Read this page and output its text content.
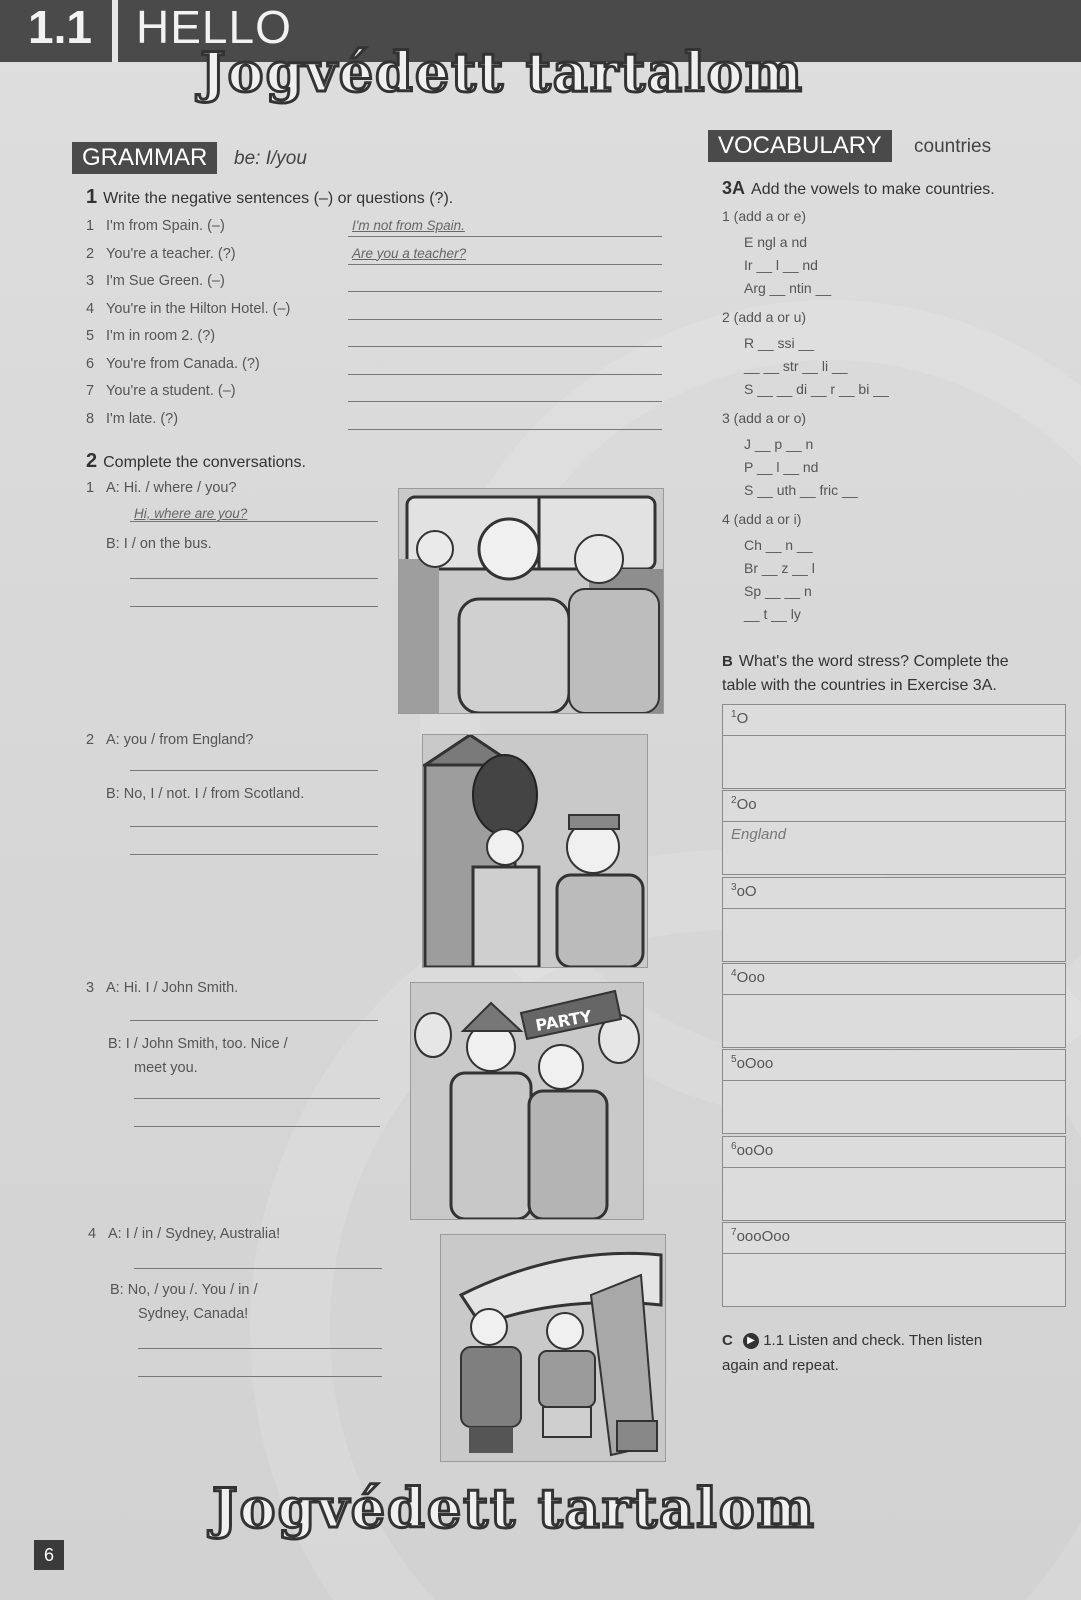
1.1 HELLO
Jogvédett tartalom
GRAMMAR	be: I/you
1 Write the negative sentences (–) or questions (?).
1 I'm from Spain. (–)	I'm not from Spain.
2 You're a teacher. (?)	Are you a teacher?
3 I'm Sue Green. (–)
4 You're in the Hilton Hotel. (–)
5 I'm in room 2. (?)
6 You're from Canada. (?)
7 You're a student. (–)
8 I'm late. (?)
2 Complete the conversations.
1 A: Hi. / where / you?
Hi, where are you?
B: I / on the bus.
2 A: you / from England?
B: No, I / not. I / from Scotland.
3 A: Hi. I / John Smith.
B: I / John Smith, too. Nice /
meet you.
4 A: I / in / Sydney, Australia!
B: No, / you /. You / in /
Sydney, Canada!
PARTY
VOCABULARY	countries
3A Add the vowels to make countries.
1 (add a or e)
E ngl a nd
Ir __ l __ nd
Arg __ ntin __
2 (add a or u)
R __ ssi __
__ __ str __ li __
S __ __ di __ r __ bi __
3 (add a or o)
J __ p __ n
P __ l __ nd
S __ uth __ fric __
4 (add a or i)
Ch __ n __
Br __ z __ l
Sp __ __ n
__ t __ ly
B What's the word stress? Complete the
table with the countries in Exercise 3A.
$^1$O
$^2$Oo
England
$^3$oO
$^4$Ooo
$^5$oOoo
$^6$ooOo
$^7$oooOoo
C ▶ 1.1 Listen and check. Then listen
again and repeat.
Jogvédett tartalom
6
